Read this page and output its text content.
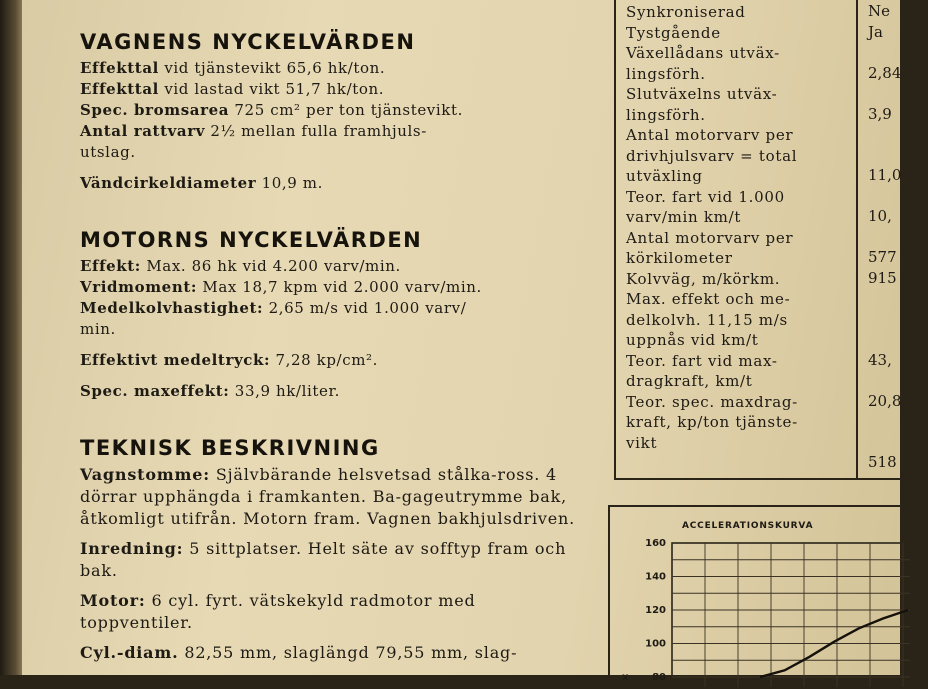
VAGNENS NYCKELVÄRDEN

Effekttal vid tjänstevikt 65,6 hk/ton.

Effekttal vid lastad vikt 51,7 hk/ton.

Spec. bromsarea 725 cm² per ton tjänstevikt.

Antal rattvarv 2½ mellan fulla framhjuls-

utslag.

Vändcirkeldiameter 10,9 m.

MOTORNS NYCKELVÄRDEN

Effekt: Max. 86 hk vid 4.200 varv/min.

Vridmoment: Max 18,7 kpm vid 2.000 varv/min.

Medelkolvhastighet: 2,65 m/s vid 1.000 varv/

min.

Effektivt medeltryck: 7,28 kp/cm².

Spec. maxeffekt: 33,9 hk/liter.

TEKNISK BESKRIVNING

Vagnstomme: Självbärande helsvetsad stålka-ross. 4 dörrar upphängda i framkanten. Ba-gageutrymme bak, åtkomligt utifrån. Motorn fram. Vagnen bakhjulsdriven.

Inredning: 5 sittplatser. Helt säte av sofftyp fram och bak.

Motor: 6 cyl. fyrt. vätskekyld radmotor med toppventiler.

Cyl.-diam. 82,55 mm, slaglängd 79,55 mm, slag-

Synkroniserad

Tystgående

Växellådans utväx-

lingsförh.

Slutväxelns utväx-

lingsförh.

Antal motorvarv per

drivhjulsvarv = total

utväxling

Teor. fart vid 1.000

varv/min km/t

Antal motorvarv per

körkilometer

Kolvväg, m/körkm.

Max. effekt och me-

delkolvh. 11,15 m/s

uppnås vid km/t

Teor. fart vid max-

dragkraft, km/t

Teor. spec. maxdrag-

kraft, kp/ton tjänste-

vikt

Ne
Ja
2,84
3,9
11,0
10,
577
915
43,
20,8
518
ACCELERATIONSKURVA
160
140
120
100
80
x
